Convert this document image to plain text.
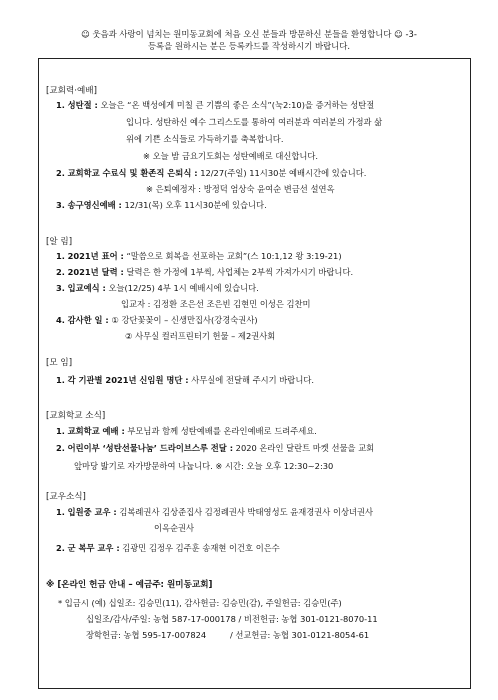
☺ 웃음과 사랑이 넘치는 원미동교회에 처음 오신 분들과 방문하신 분들을 환영합니다 ☺ -3-
등록을 원하시는 분은 등록카드를 작성하시기 바랍니다.
[교회력·예배]
1. 성탄절 : 오늘은 “온 백성에게 미칠 큰 기쁨의 좋은 소식”(눅2:10)을 증거하는 성탄절
입니다. 성탄하신 예수 그리스도를 통하여 여러분과 여러분의 가정과 삶
위에 기쁜 소식들로 가득하기를 축복합니다.
※ 오늘 밤 금요기도회는 성탄예배로 대신합니다.
2. 교회학교 수료식 및 환존직 은퇴식 : 12/27(주일) 11시30분 예배시간에 있습니다.
※ 은퇴예정자 : 방정덕 엄상숙 윤여순 변금선 설연옥
3. 송구영신예배 : 12/31(목) 오후 11시30분에 있습니다.
[알 림]
1. 2021년 표어 : “말씀으로 회복을 선포하는 교회”(스 10:1,12 왕 3:19-21)
2. 2021년 달력 : 달력은 한 가정에 1부씩, 사업체는 2부씩 가져가시기 바랍니다.
3. 입교예식 : 오늘(12/25) 4부 1시 예배시에 있습니다.
입교자 : 김정환 조은선 조은빈 김현민 이성은 김찬미
4. 감사한 일 : ① 강단꽃꽂이 – 신생만집사(강경숙권사)
② 사무실 컬러프린터기 헌물 – 제2권사회
[모 임]
1. 각 기관별 2021년 신임원 명단 : 사무실에 전달해 주시기 바랍니다.
[교회학교 소식]
1. 교회학교 예배 : 부모님과 함께 성탄예배를 온라인예배로 드려주세요.
2. 어린이부 ‘성탄선물나눔’ 드라이브스루 전달 : 2020 온라인 달란트 마켓 선물을 교회
앞마당 밟기로 자가방문하여 나눕니다. ※ 시간: 오늘 오후 12:30~2:30
[교우소식]
1. 입원중 교우 : 김복례권사 김상준집사 김정례권사 박태영성도 윤재경권사 이상녀권사
이옥순권사
2. 군 복무 교우 : 김광민 김정우 김주훈 송재현 이건호 이은수
※ [온라인 헌금 안내 – 예금주: 원미동교회]
* 입금시 (예) 십일조: 김승민(11), 감사헌금: 김승민(감), 주일헌금: 김승민(주)
십일조/감사/주일: 농협 587-17-000178 / 비전헌금: 농협 301-0121-8070-11
장학헌금: 농협 595-17-007824         / 선교헌금: 농협 301-0121-8054-61
